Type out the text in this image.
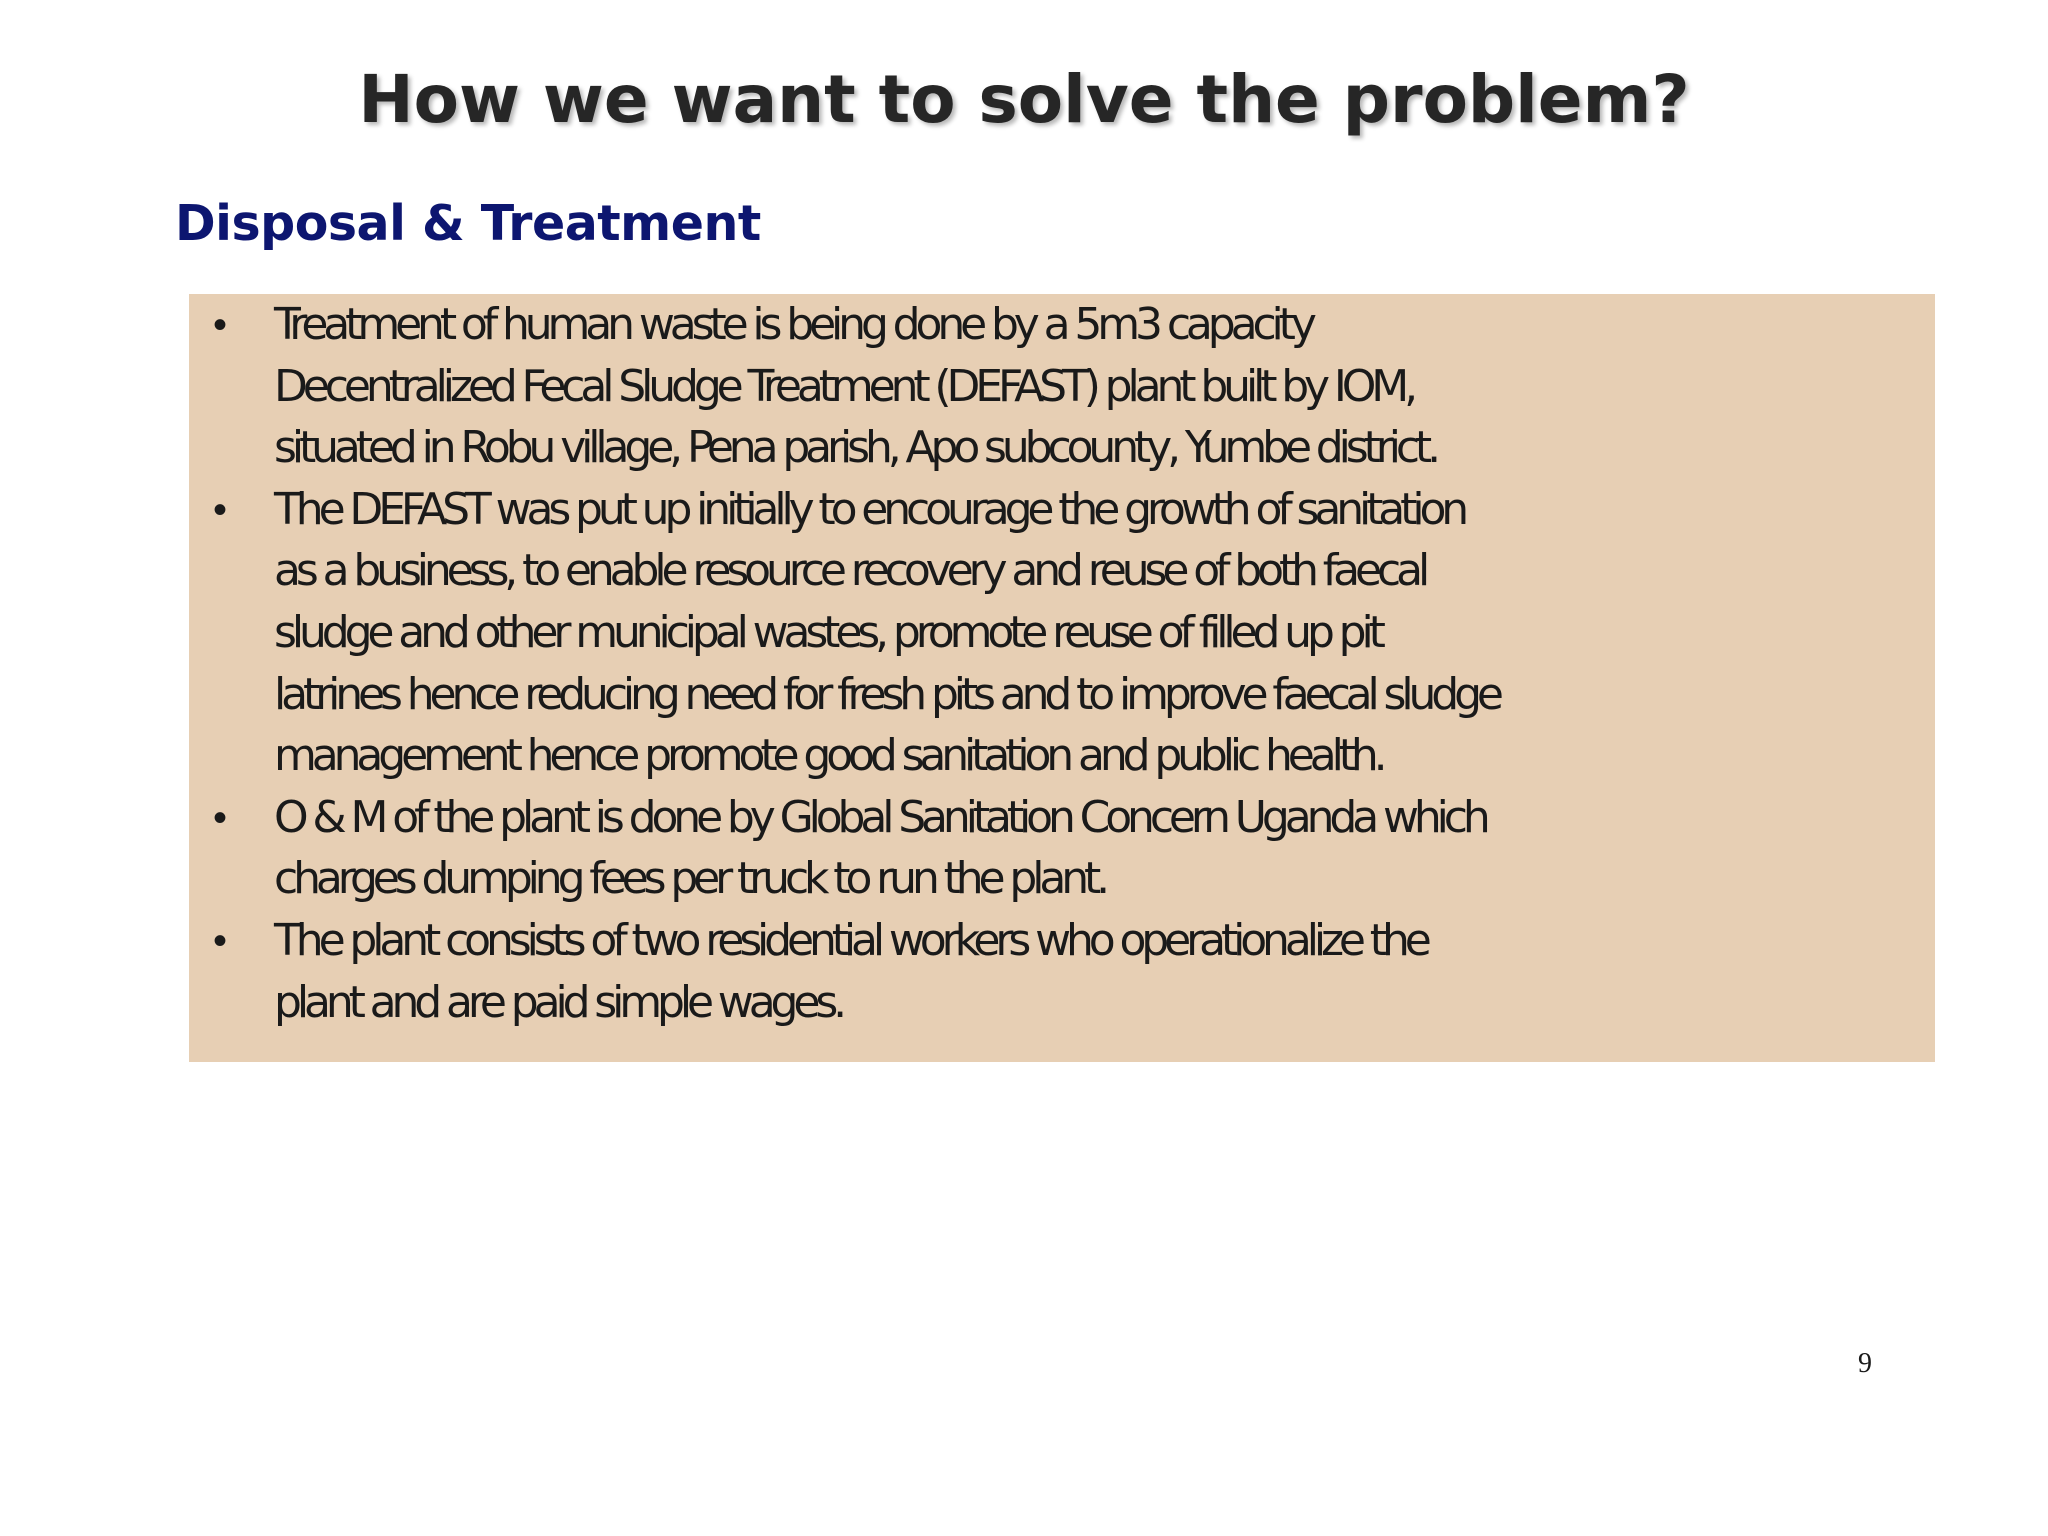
How we want to solve the problem?
Disposal & Treatment
• Treatment of human waste is being done by a 5m3 capacity
Decentralized Fecal Sludge Treatment (DEFAST) plant built by IOM,
situated in Robu village, Pena parish, Apo subcounty, Yumbe district.
• The DEFAST was put up initially to encourage the growth of sanitation
as a business, to enable resource recovery and reuse of both faecal
sludge and other municipal wastes, promote reuse of filled up pit
latrines hence reducing need for fresh pits and to improve faecal sludge
management hence promote good sanitation and public health.
• O & M of the plant is done by Global Sanitation Concern Uganda which
charges dumping fees per truck to run the plant.
• The plant consists of two residential workers who operationalize the
plant and are paid simple wages.
9
